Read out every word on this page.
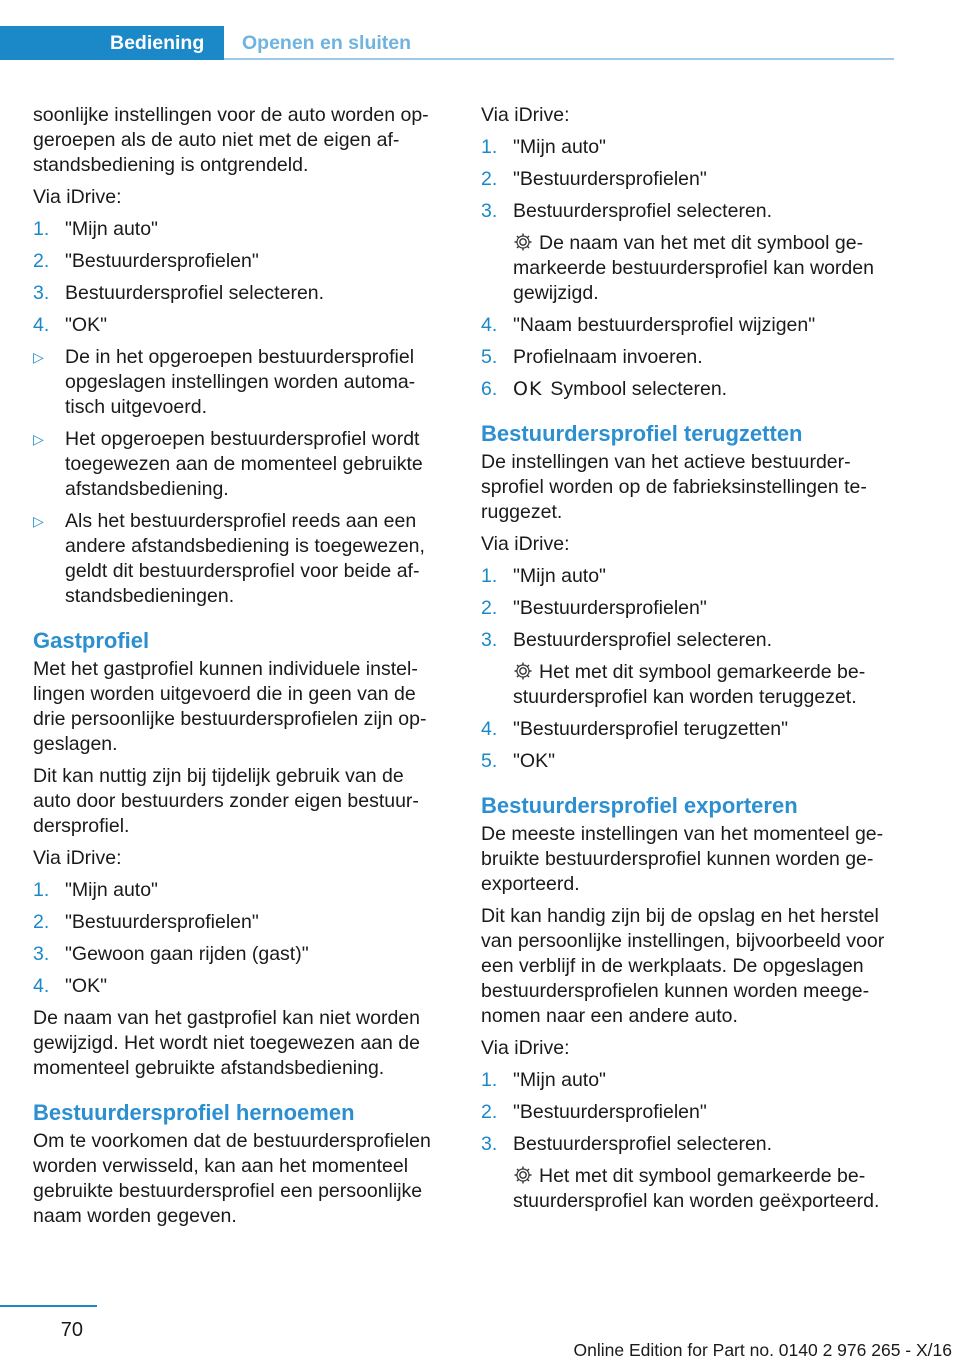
Bediening	Openen en sluiten

soonlijke instellingen voor de auto worden op-geroepen als de auto niet met de eigen af-standsbediening is ontgrendeld.

Via iDrive:

1. "Mijn auto"
2. "Bestuurdersprofielen"
3. Bestuurdersprofiel selecteren.
4. "OK"
▷ De in het opgeroepen bestuurdersprofiel opgeslagen instellingen worden automa-tisch uitgevoerd.
▷ Het opgeroepen bestuurdersprofiel wordt toegewezen aan de momenteel gebruikte afstandsbediening.
▷ Als het bestuurdersprofiel reeds aan een andere afstandsbediening is toegewezen, geldt dit bestuurdersprofiel voor beide af-standsbedieningen.
Gastprofiel

Met het gastprofiel kunnen individuele instel-lingen worden uitgevoerd die in geen van de drie persoonlijke bestuurdersprofielen zijn op-geslagen.

Dit kan nuttig zijn bij tijdelijk gebruik van de auto door bestuurders zonder eigen bestuur-dersprofiel.

Via iDrive:

1. "Mijn auto"
2. "Bestuurdersprofielen"
3. "Gewoon gaan rijden (gast)"
4. "OK"

De naam van het gastprofiel kan niet worden gewijzigd. Het wordt niet toegewezen aan de momenteel gebruikte afstandsbediening.

Bestuurdersprofiel hernoemen

Om te voorkomen dat de bestuurdersprofielen worden verwisseld, kan aan het momenteel gebruikte bestuurdersprofiel een persoonlijke naam worden gegeven.

Via iDrive:

1. "Mijn auto"
2. "Bestuurdersprofielen"
3. Bestuurdersprofiel selecteren.
De naam van het met dit symbool ge-markeerde bestuurdersprofiel kan worden gewijzigd.
4. "Naam bestuurdersprofiel wijzigen"
5. Profielnaam invoeren.
6. OK Symbool selecteren.
Bestuurdersprofiel terugzetten

De instellingen van het actieve bestuurder-sprofiel worden op de fabrieksinstellingen te-ruggezet.

Via iDrive:

1. "Mijn auto"
2. "Bestuurdersprofielen"
3. Bestuurdersprofiel selecteren.
Het met dit symbool gemarkeerde be-stuurdersprofiel kan worden teruggezet.
4. "Bestuurdersprofiel terugzetten"
5. "OK"
Bestuurdersprofiel exporteren

De meeste instellingen van het momenteel ge-bruikte bestuurdersprofiel kunnen worden ge-exporteerd.

Dit kan handig zijn bij de opslag en het herstel van persoonlijke instellingen, bijvoorbeeld voor een verblijf in de werkplaats. De opgeslagen bestuurdersprofielen kunnen worden meege-nomen naar een andere auto.

Via iDrive:

1. "Mijn auto"
2. "Bestuurdersprofielen"
3. Bestuurdersprofiel selecteren.
Het met dit symbool gemarkeerde be-stuurdersprofiel kan worden geëxporteerd.
70
Online Edition for Part no. 0140 2 976 265 - X/16
